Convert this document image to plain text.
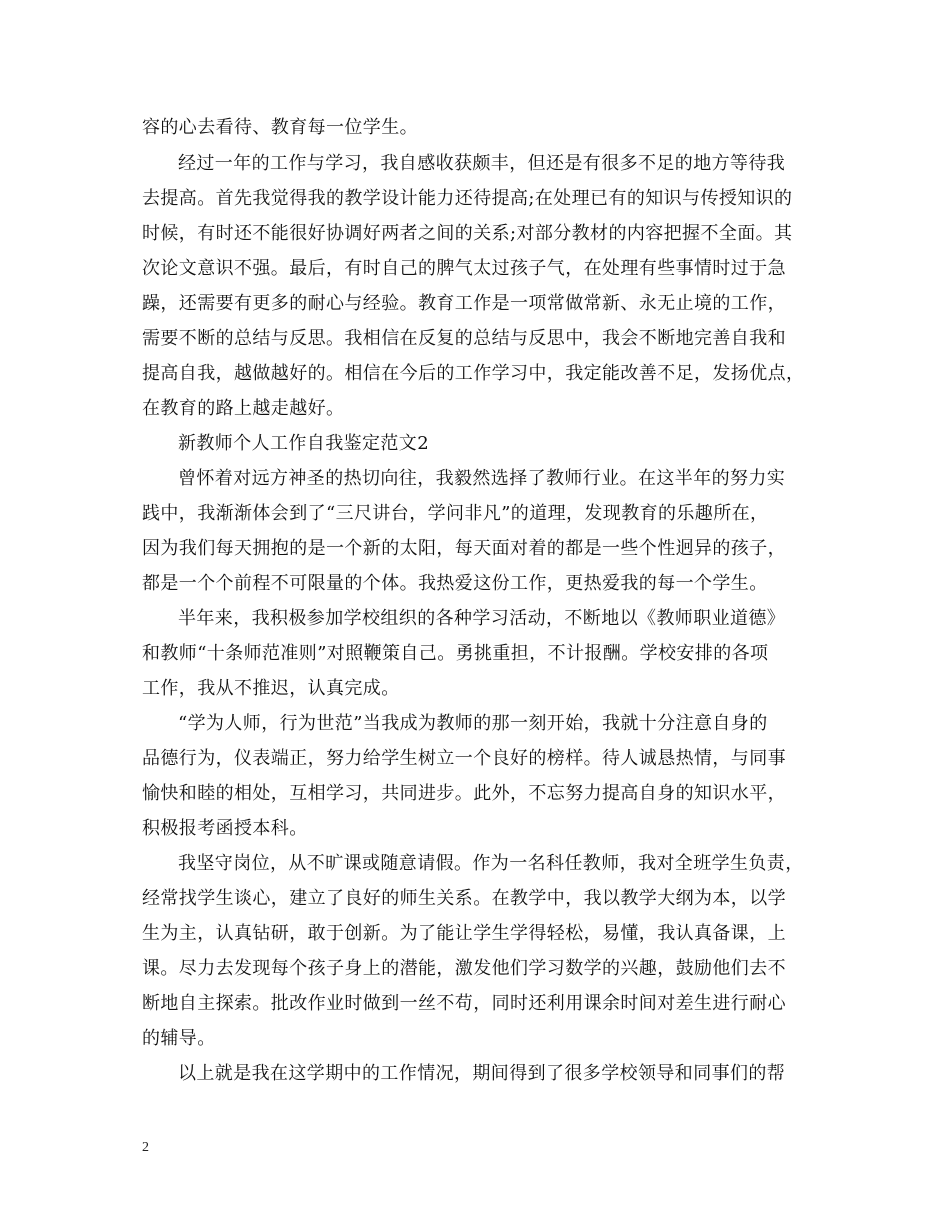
容的心去看待、教育每一位学生。
经过一年的工作与学习，我自感收获颇丰，但还是有很多不足的地方等待我
去提高。首先我觉得我的教学设计能力还待提高;在处理已有的知识与传授知识的
时候，有时还不能很好协调好两者之间的关系;对部分教材的内容把握不全面。其
次论文意识不强。最后，有时自己的脾气太过孩子气，在处理有些事情时过于急
躁，还需要有更多的耐心与经验。教育工作是一项常做常新、永无止境的工作，
需要不断的总结与反思。我相信在反复的总结与反思中，我会不断地完善自我和
提高自我，越做越好的。相信在今后的工作学习中，我定能改善不足，发扬优点，
在教育的路上越走越好。
新教师个人工作自我鉴定范文2
曾怀着对远方神圣的热切向往，我毅然选择了教师行业。在这半年的努力实
践中，我渐渐体会到了“三尺讲台，学问非凡”的道理，发现教育的乐趣所在，
因为我们每天拥抱的是一个新的太阳，每天面对着的都是一些个性迥异的孩子，
都是一个个前程不可限量的个体。我热爱这份工作，更热爱我的每一个学生。
半年来，我积极参加学校组织的各种学习活动，不断地以《教师职业道德》
和教师“十条师范准则”对照鞭策自己。勇挑重担，不计报酬。学校安排的各项
工作，我从不推迟，认真完成。
“学为人师，行为世范”当我成为教师的那一刻开始，我就十分注意自身的
品德行为，仪表端正，努力给学生树立一个良好的榜样。待人诚恳热情，与同事
愉快和睦的相处，互相学习，共同进步。此外，不忘努力提高自身的知识水平，
积极报考函授本科。
我坚守岗位，从不旷课或随意请假。作为一名科任教师，我对全班学生负责，
经常找学生谈心，建立了良好的师生关系。在教学中，我以教学大纲为本，以学
生为主，认真钻研，敢于创新。为了能让学生学得轻松，易懂，我认真备课，上
课。尽力去发现每个孩子身上的潜能，激发他们学习数学的兴趣，鼓励他们去不
断地自主探索。批改作业时做到一丝不苟，同时还利用课余时间对差生进行耐心
的辅导。
以上就是我在这学期中的工作情况，期间得到了很多学校领导和同事们的帮
2
